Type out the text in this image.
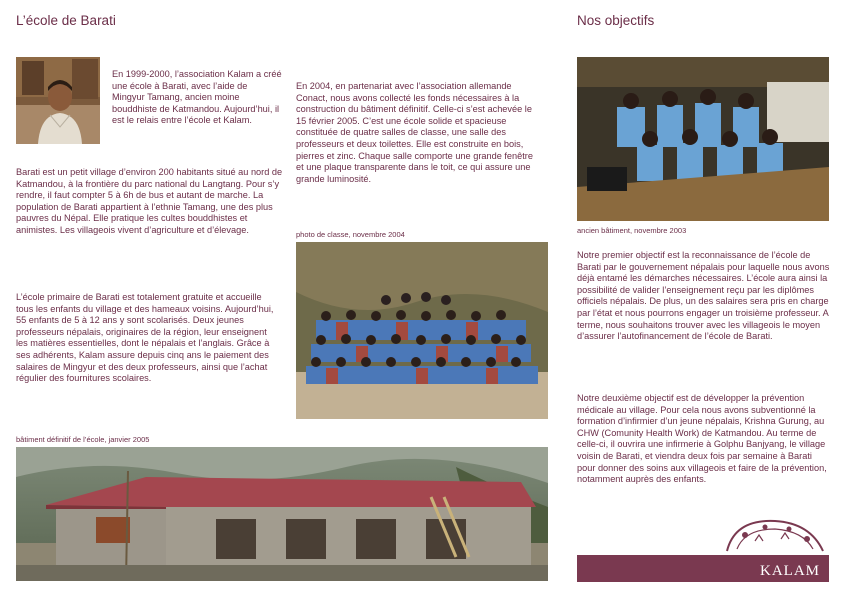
L’école de Barati

En 1999-2000, l’association Kalam a créé une école à Barati, avec l’aide de Mingyur Tamang, ancien moine bouddhiste de Katmandou. Aujourd’hui, il est le relais entre l’école et Kalam.

Barati est un petit village d’environ 200 habitants situé au nord de Katmandou, à la frontière du parc national du Langtang. Pour s’y rendre, il faut compter 5 à 6h de bus et autant de marche. La population de Barati appartient à l’ethnie Tamang, une des plus pauvres du Népal. Elle pratique les cultes bouddhistes et animistes. Les villageois vivent d’agriculture et d’élevage.

L’école primaire de Barati est totalement gratuite et accueille tous les enfants du village et des hameaux voisins. Aujourd’hui, 55 enfants de 5 à 12 ans y sont scolarisés. Deux jeunes professeurs népalais, originaires de la région, leur enseignent les matières essentielles, dont le népalais et l’anglais. Grâce à ses adhérents, Kalam assure depuis cinq ans le paiement des salaires de Mingyur et des deux professeurs, ainsi que l’achat régulier des fournitures scolaires.

bâtiment définitif de l’école, janvier 2005

En 2004, en partenariat avec l’association allemande Conact, nous avons collecté les fonds nécessaires à la construction du bâtiment définitif. Celle-ci s’est achevée le 15 février 2005. C’est une école solide et spacieuse constituée de quatre salles de classe, une salle des professeurs et deux toilettes. Elle est construite en bois, pierres et zinc. Chaque salle comporte une grande fenêtre et une plaque transparente dans le toit, ce qui assure une grande luminosité.

photo de classe, novembre 2004
Nos objectifs
ancien bâtiment, novembre 2003

Notre premier objectif est la reconnaissance de l’école de Barati par le gouvernement népalais pour laquelle nous avons déjà entamé les démarches nécessaires. L’école aura ainsi la possibilité de valider l’enseignement reçu par les diplômes officiels népalais. De plus, un des salaires sera pris en charge par l’état et nous pourrons engager un troisième professeur. A terme, nous souhaitons trouver avec les villageois le moyen d’assurer l’autofinancement de l’école de Barati.

Notre deuxième objectif est de développer la prévention médicale au village. Pour cela nous avons subventionné la formation d’infirmier d’un jeune népalais, Krishna Gurung, au CHW (Comunity Health Work) de Katmandou. Au terme de celle-ci, il ouvrira une infirmerie à Golphu Banjyang, le village voisin de Barati, et viendra deux fois par semaine à Barati pour donner des soins aux villageois et faire de la prévention, notamment auprès des enfants.

KALAM
